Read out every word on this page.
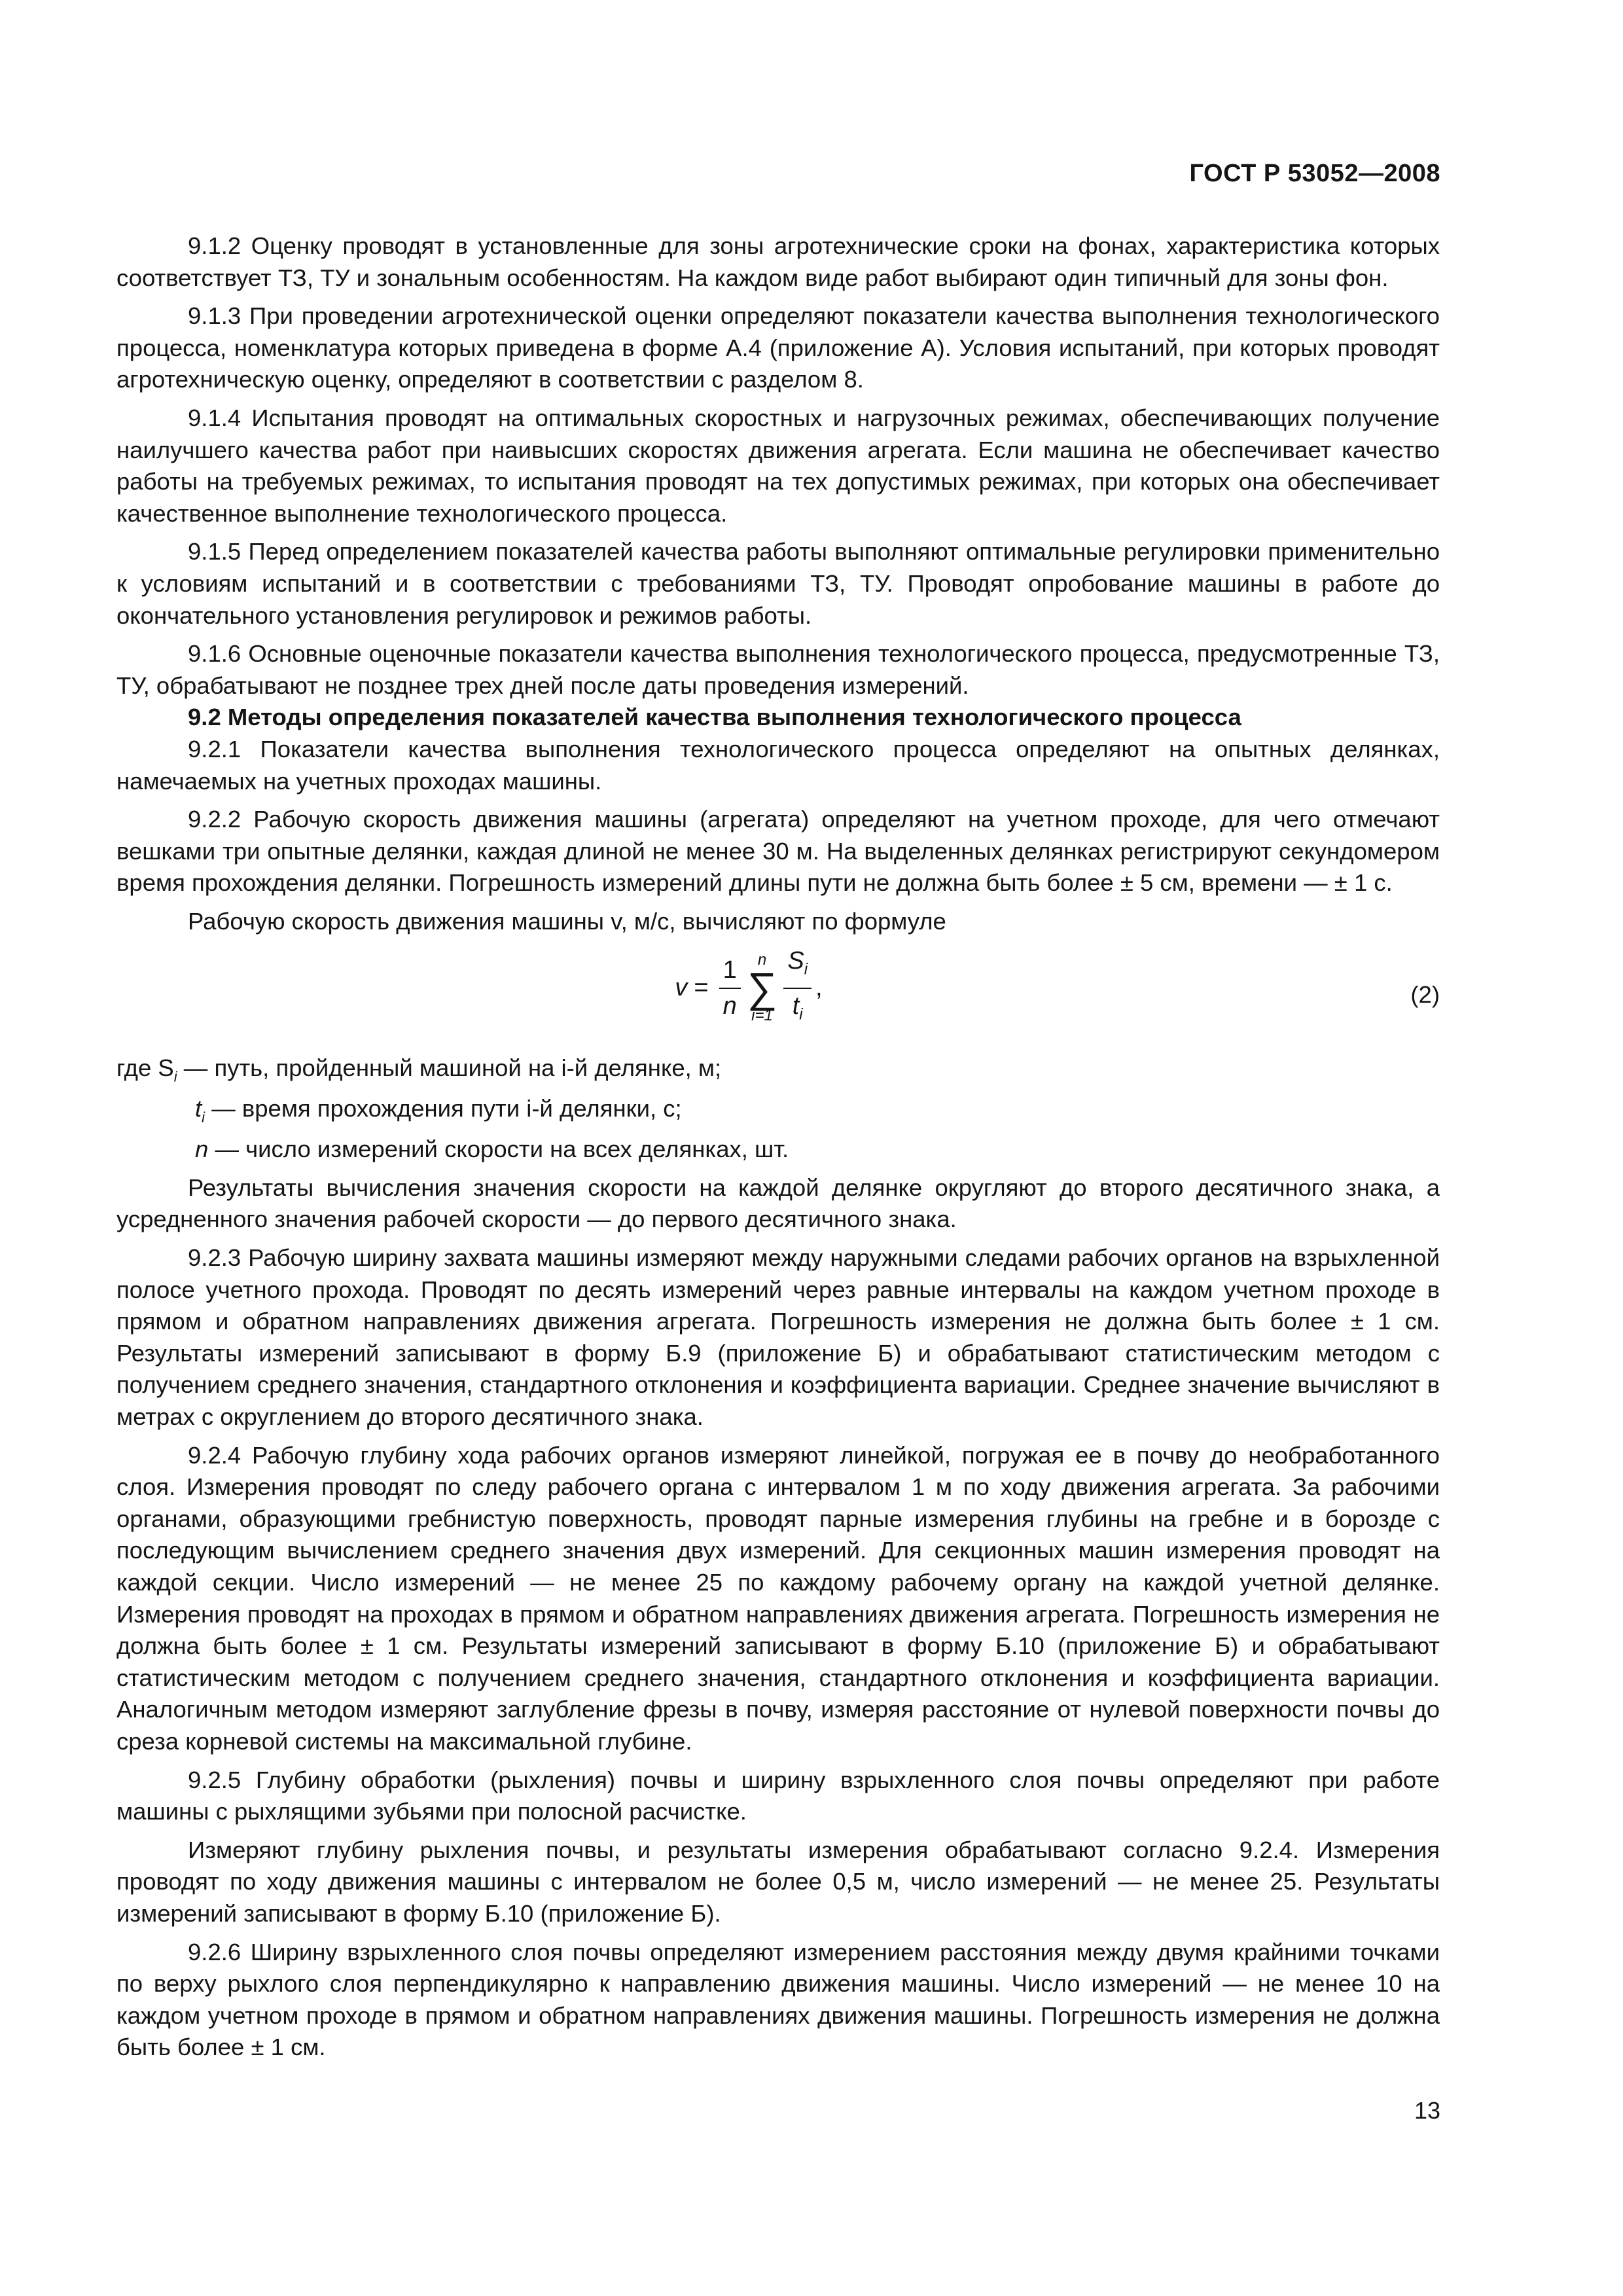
ГОСТ Р 53052—2008

9.1.2 Оценку проводят в установленные для зоны агротехнические сроки на фонах, характеристика которых соответствует ТЗ, ТУ и зональным особенностям. На каждом виде работ выбирают один типичный для зоны фон.

9.1.3 При проведении агротехнической оценки определяют показатели качества выполнения технологического процесса, номенклатура которых приведена в форме А.4 (приложение А). Условия испытаний, при которых проводят агротехническую оценку, определяют в соответствии с разделом 8.

9.1.4 Испытания проводят на оптимальных скоростных и нагрузочных режимах, обеспечивающих получение наилучшего качества работ при наивысших скоростях движения агрегата. Если машина не обеспечивает качество работы на требуемых режимах, то испытания проводят на тех допустимых режимах, при которых она обеспечивает качественное выполнение технологического процесса.

9.1.5 Перед определением показателей качества работы выполняют оптимальные регулировки применительно к условиям испытаний и в соответствии с требованиями ТЗ, ТУ. Проводят опробование машины в работе до окончательного установления регулировок и режимов работы.

9.1.6 Основные оценочные показатели качества выполнения технологического процесса, предусмотренные ТЗ, ТУ, обрабатывают не позднее трех дней после даты проведения измерений.

9.2 Методы определения показателей качества выполнения технологического процесса

9.2.1 Показатели качества выполнения технологического процесса определяют на опытных делянках, намечаемых на учетных проходах машины.

9.2.2 Рабочую скорость движения машины (агрегата) определяют на учетном проходе, для чего отмечают вешками три опытные делянки, каждая длиной не менее 30 м. На выделенных делянках регистрируют секундомером время прохождения делянки. Погрешность измерений длины пути не должна быть более ± 5 см, времени — ± 1 с.

Рабочую скорость движения машины v, м/с, вычисляют по формуле

$v = \frac{1}{n}$ n
∑
$i=1 \frac{S_i}{t_i}$ ,	(2)
где $S_i$ — путь, пройденный машиной на i-й делянке, м;
$t_i$ — время прохождения пути i-й делянки, с;
n — число измерений скорости на всех делянках, шт.

Результаты вычисления значения скорости на каждой делянке округляют до второго десятичного знака, а усредненного значения рабочей скорости — до первого десятичного знака.

9.2.3 Рабочую ширину захвата машины измеряют между наружными следами рабочих органов на взрыхленной полосе учетного прохода. Проводят по десять измерений через равные интервалы на каждом учетном проходе в прямом и обратном направлениях движения агрегата. Погрешность измерения не должна быть более ± 1 см. Результаты измерений записывают в форму Б.9 (приложение Б) и обрабатывают статистическим методом с получением среднего значения, стандартного отклонения и коэффициента вариации. Среднее значение вычисляют в метрах с округлением до второго десятичного знака.

9.2.4 Рабочую глубину хода рабочих органов измеряют линейкой, погружая ее в почву до необработанного слоя. Измерения проводят по следу рабочего органа с интервалом 1 м по ходу движения агрегата. За рабочими органами, образующими гребнистую поверхность, проводят парные измерения глубины на гребне и в борозде с последующим вычислением среднего значения двух измерений. Для секционных машин измерения проводят на каждой секции. Число измерений — не менее 25 по каждому рабочему органу на каждой учетной делянке. Измерения проводят на проходах в прямом и обратном направлениях движения агрегата. Погрешность измерения не должна быть более ± 1 см. Результаты измерений записывают в форму Б.10 (приложение Б) и обрабатывают статистическим методом с получением среднего значения, стандартного отклонения и коэффициента вариации. Аналогичным методом измеряют заглубление фрезы в почву, измеряя расстояние от нулевой поверхности почвы до среза корневой системы на максимальной глубине.

9.2.5 Глубину обработки (рыхления) почвы и ширину взрыхленного слоя почвы определяют при работе машины с рыхлящими зубьями при полосной расчистке.

Измеряют глубину рыхления почвы, и результаты измерения обрабатывают согласно 9.2.4. Измерения проводят по ходу движения машины с интервалом не более 0,5 м, число измерений — не менее 25. Результаты измерений записывают в форму Б.10 (приложение Б).

9.2.6 Ширину взрыхленного слоя почвы определяют измерением расстояния между двумя крайними точками по верху рыхлого слоя перпендикулярно к направлению движения машины. Число измерений — не менее 10 на каждом учетном проходе в прямом и обратном направлениях движения машины. Погрешность измерения не должна быть более ± 1 см.

13
